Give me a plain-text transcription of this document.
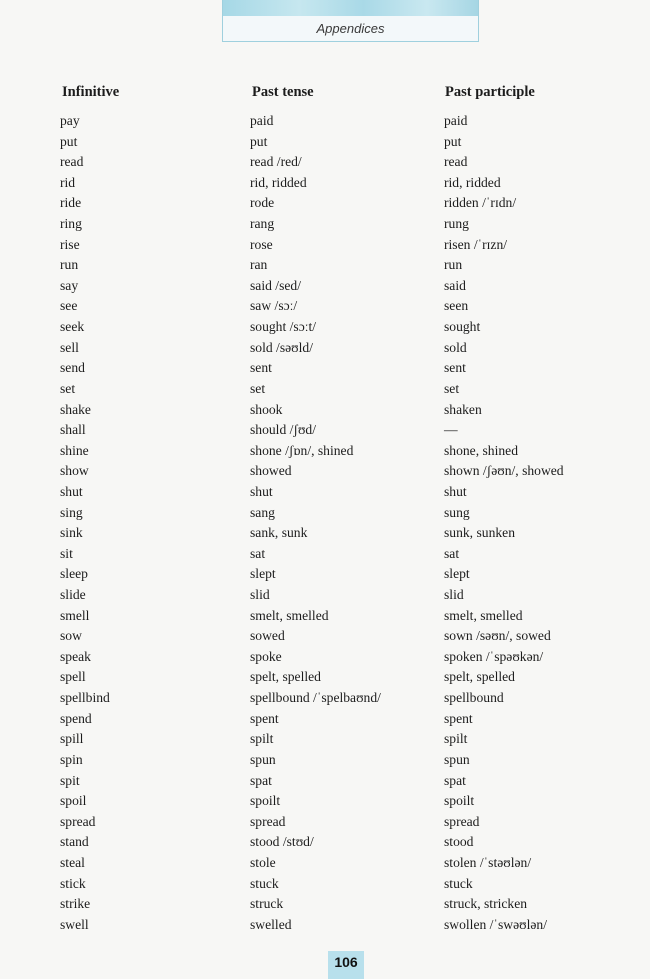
Appendices
Infinitive	Past tense	Past participle
pay
put
read
rid
ride
ring
rise
run
say
see
seek
sell
send
set
shake
shall
shine
show
shut
sing
sink
sit
sleep
slide
smell
sow
speak
spell
spellbind
spend
spill
spin
spit
spoil
spread
stand
steal
stick
strike
swell
paid
put
read /red/
rid, ridded
rode
rang
rose
ran
said /sed/
saw /sɔː/
sought /sɔːt/
sold /səʊld/
sent
set
shook
should /ʃʊd/
shone /ʃɒn/, shined
showed
shut
sang
sank, sunk
sat
slept
slid
smelt, smelled
sowed
spoke
spelt, spelled
spellbound /ˈspelbaʊnd/
spent
spilt
spun
spat
spoilt
spread
stood /stʊd/
stole
stuck
struck
swelled
paid
put
read
rid, ridded
ridden /ˈrɪdn/
rung
risen /ˈrɪzn/
run
said
seen
sought
sold
sent
set
shaken
—
shone, shined
shown /ʃəʊn/, showed
shut
sung
sunk, sunken
sat
slept
slid
smelt, smelled
sown /səʊn/, sowed
spoken /ˈspəʊkən/
spelt, spelled
spellbound
spent
spilt
spun
spat
spoilt
spread
stood
stolen /ˈstəʊlən/
stuck
struck, stricken
swollen /ˈswəʊlən/
106
